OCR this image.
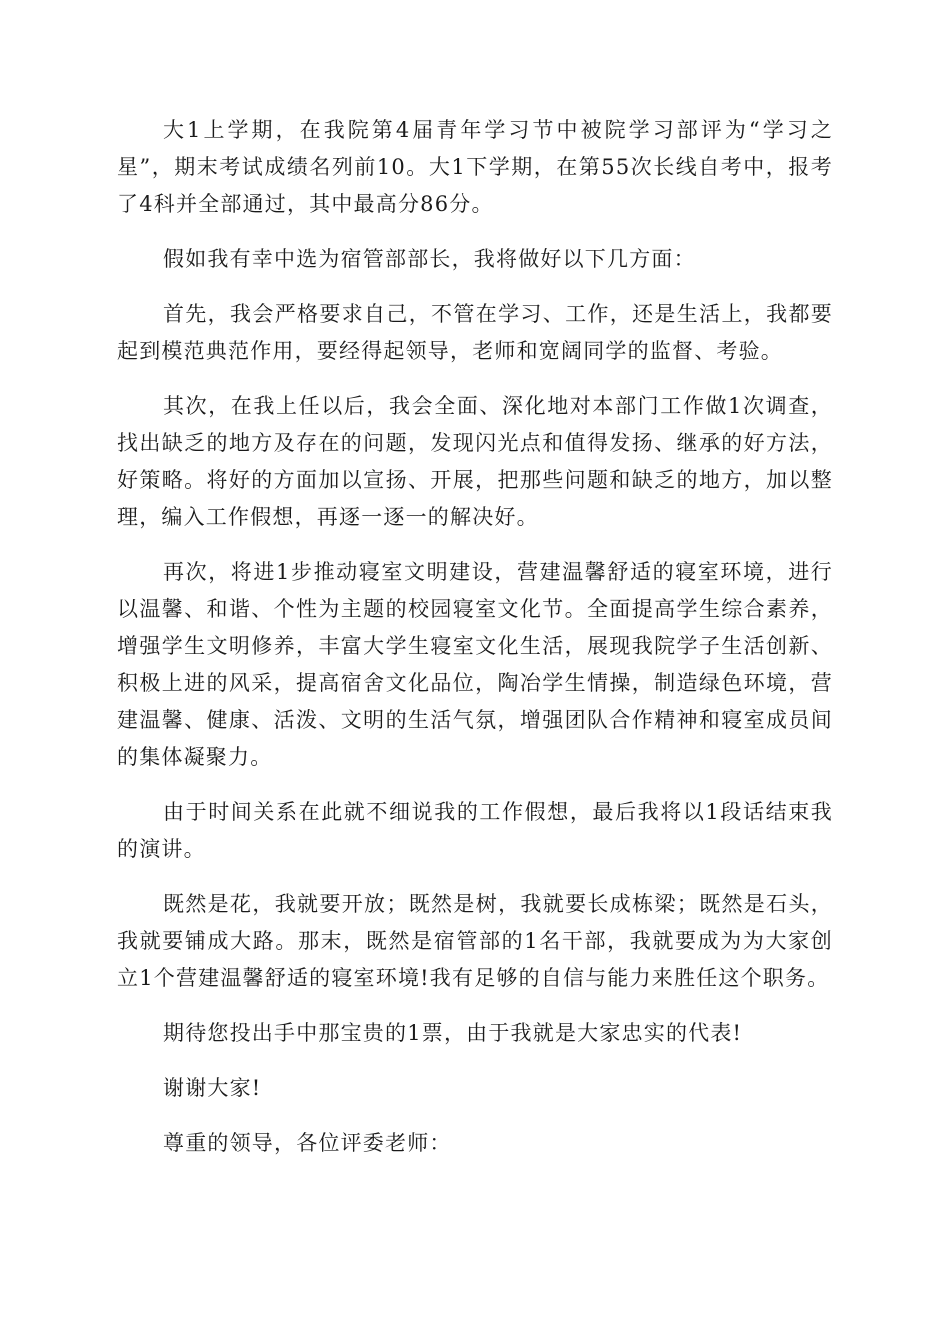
大1上学期，在我院第4届青年学习节中被院学习部评为“学习之星”，期末考试成绩名列前10。大1下学期，在第55次长线自考中，报考了4科并全部通过，其中最高分86分。

假如我有幸中选为宿管部部长，我将做好以下几方面：

首先，我会严格要求自己，不管在学习、工作，还是生活上，我都要起到模范典范作用，要经得起领导，老师和宽阔同学的监督、考验。

其次，在我上任以后，我会全面、深化地对本部门工作做1次调查，找出缺乏的地方及存在的问题，发现闪光点和值得发扬、继承的好方法，好策略。将好的方面加以宣扬、开展，把那些问题和缺乏的地方，加以整理，编入工作假想，再逐一逐一的解决好。

再次，将进1步推动寝室文明建设，营建温馨舒适的寝室环境，进行以温馨、和谐、个性为主题的校园寝室文化节。全面提高学生综合素养，增强学生文明修养，丰富大学生寝室文化生活，展现我院学子生活创新、积极上进的风采，提高宿舍文化品位，陶冶学生情操，制造绿色环境，营建温馨、健康、活泼、文明的生活气氛，增强团队合作精神和寝室成员间的集体凝聚力。

由于时间关系在此就不细说我的工作假想，最后我将以1段话结束我的演讲。

既然是花，我就要开放；既然是树，我就要长成栋梁；既然是石头，我就要铺成大路。那末，既然是宿管部的1名干部，我就要成为为大家创立1个营建温馨舒适的寝室环境!我有足够的自信与能力来胜任这个职务。

期待您投出手中那宝贵的1票，由于我就是大家忠实的代表!

谢谢大家!

尊重的领导，各位评委老师：
